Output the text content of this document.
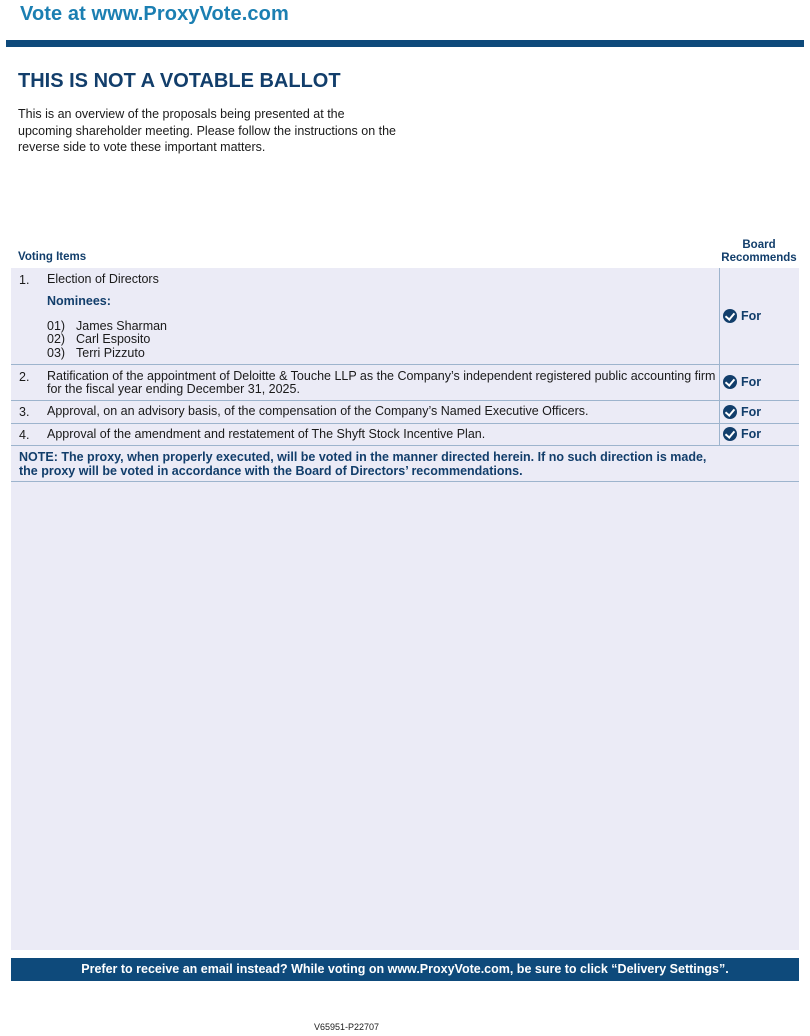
Vote at www.ProxyVote.com
THIS IS NOT A VOTABLE BALLOT
This is an overview of the proposals being presented at the upcoming shareholder meeting. Please follow the instructions on the reverse side to vote these important matters.
Voting Items
Board
Recommends
1. Election of Directors
Nominees:
01) James Sharman
02) Carl Esposito
03) Terri Pizzuto
For
2. Ratification of the appointment of Deloitte & Touche LLP as the Company’s independent registered public accounting firm for the fiscal year ending December 31, 2025.	For
3. Approval, on an advisory basis, of the compensation of the Company’s Named Executive Officers.	For
4. Approval of the amendment and restatement of The Shyft Stock Incentive Plan.	For
NOTE: The proxy, when properly executed, will be voted in the manner directed herein. If no such direction is made, the proxy will be voted in accordance with the Board of Directors’ recommendations.
Prefer to receive an email instead? While voting on www.ProxyVote.com, be sure to click “Delivery Settings”.
V65951-P22707
